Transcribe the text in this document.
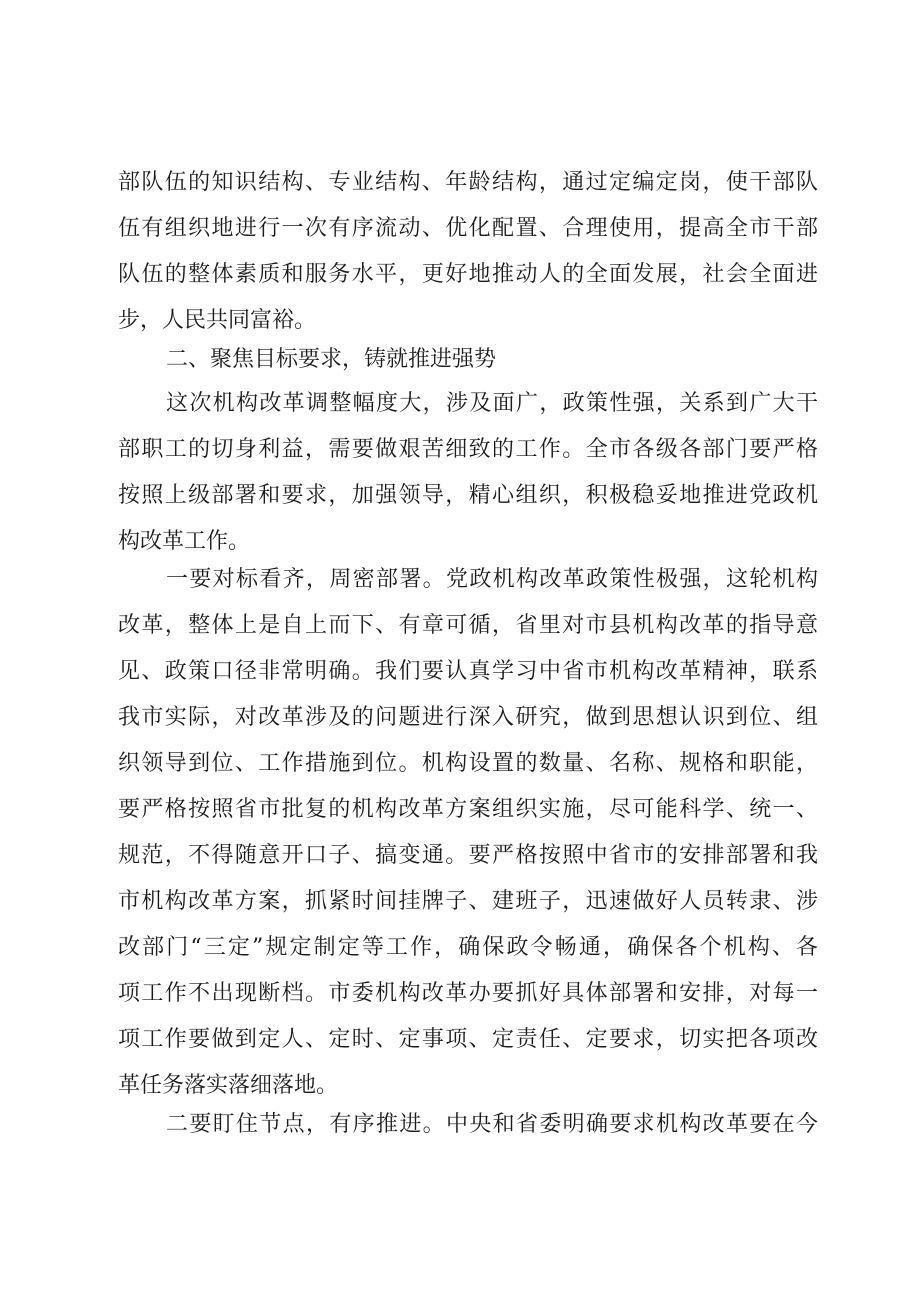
部队伍的知识结构、专业结构、年龄结构，通过定编定岗，使干部队
伍有组织地进行一次有序流动、优化配置、合理使用，提高全市干部
队伍的整体素质和服务水平，更好地推动人的全面发展，社会全面进
步，人民共同富裕。
二、聚焦目标要求，铸就推进强势
这次机构改革调整幅度大，涉及面广，政策性强，关系到广大干
部职工的切身利益，需要做艰苦细致的工作。全市各级各部门要严格
按照上级部署和要求，加强领导，精心组织，积极稳妥地推进党政机
构改革工作。
一要对标看齐，周密部署。党政机构改革政策性极强，这轮机构
改革，整体上是自上而下、有章可循，省里对市县机构改革的指导意
见、政策口径非常明确。我们要认真学习中省市机构改革精神，联系
我市实际，对改革涉及的问题进行深入研究，做到思想认识到位、组
织领导到位、工作措施到位。机构设置的数量、名称、规格和职能，
要严格按照省市批复的机构改革方案组织实施，尽可能科学、统一、
规范，不得随意开口子、搞变通。要严格按照中省市的安排部署和我
市机构改革方案，抓紧时间挂牌子、建班子，迅速做好人员转隶、涉
改部门“三定”规定制定等工作，确保政令畅通，确保各个机构、各
项工作不出现断档。市委机构改革办要抓好具体部署和安排，对每一
项工作要做到定人、定时、定事项、定责任、定要求，切实把各项改
革任务落实落细落地。
二要盯住节点，有序推进。中央和省委明确要求机构改革要在今
